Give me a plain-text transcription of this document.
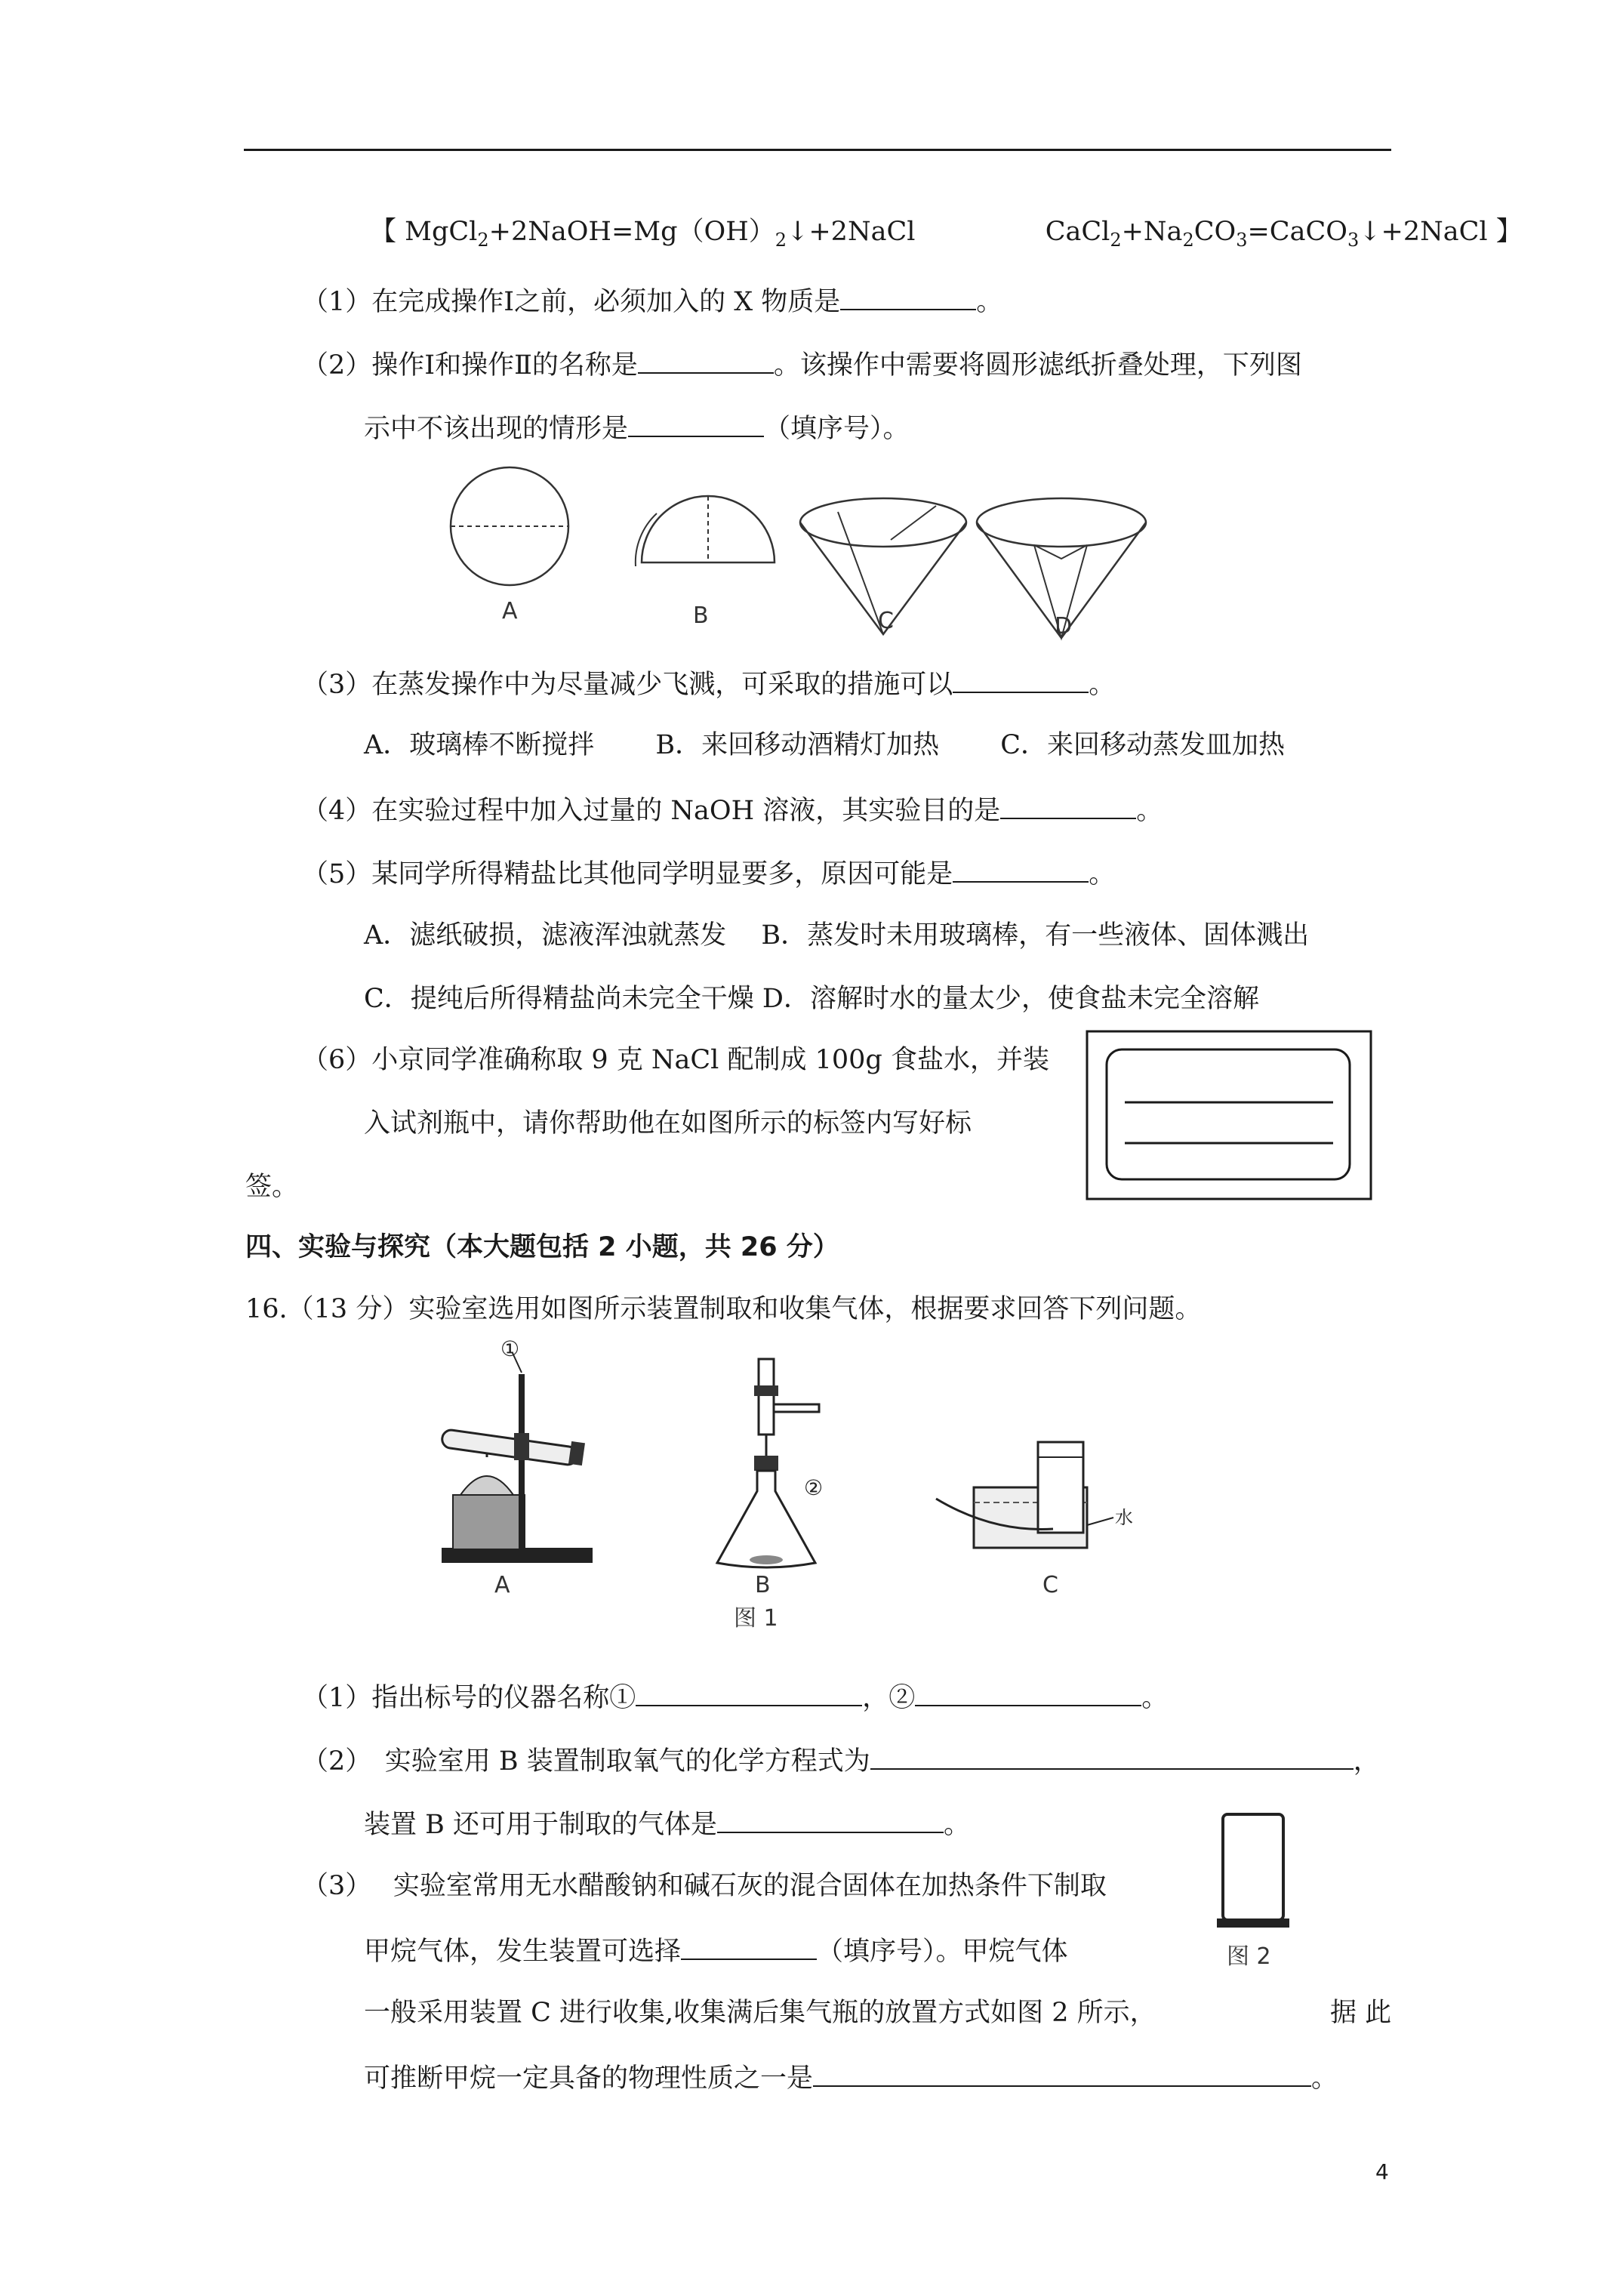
【 $MgCl_2+2NaOH=Mg(OH)_2↓+2NaCl$	$CaCl_2+Na_2CO_3=CaCO_3↓+2NaCl$ 】
（1）在完成操作Ⅰ之前，必须加入的 X 物质是	。
（2）操作Ⅰ和操作Ⅱ的名称是	。该操作中需要将圆形滤纸折叠处理，下列图
示中不该出现的情形是	（填序号）。
A	B	C	D
（3）在蒸发操作中为尽量减少飞溅，可采取的措施可以	。
A．玻璃棒不断搅拌　　 B．来回移动酒精灯加热　　 C．来回移动蒸发皿加热
（4）在实验过程中加入过量的 NaOH 溶液，其实验目的是	。
（5）某同学所得精盐比其他同学明显要多，原因可能是	。
A．滤纸破损，滤液浑浊就蒸发　 B．蒸发时未用玻璃棒，有一些液体、固体溅出
C．提纯后所得精盐尚未完全干燥 D．溶解时水的量太少，使食盐未完全溶解
（6）小京同学准确称取 9 克 NaCl 配制成 100g 食盐水，并装
入试剂瓶中，请你帮助他在如图所示的标签内写好标
签。
四、实验与探究（本大题包括 2 小题，共 26 分）
16.（13 分）实验室选用如图所示装置制取和收集气体，根据要求回答下列问题。
①
②
水
A	B	C
图 1
（1）指出标号的仪器名称①	，②	。
（2）　实验室用 B 装置制取氧气的化学方程式为	，
装置 B 还可用于制取的气体是	。
图 2
（3）　 实验室常用无水醋酸钠和碱石灰的混合固体在加热条件下制取
甲烷气体，发生装置可选择	（填序号）。甲烷气体
一般采用装置 C 进行收集,收集满后集气瓶的放置方式如图 2 所示，	据 此
可推断甲烷一定具备的物理性质之一是	。
4
